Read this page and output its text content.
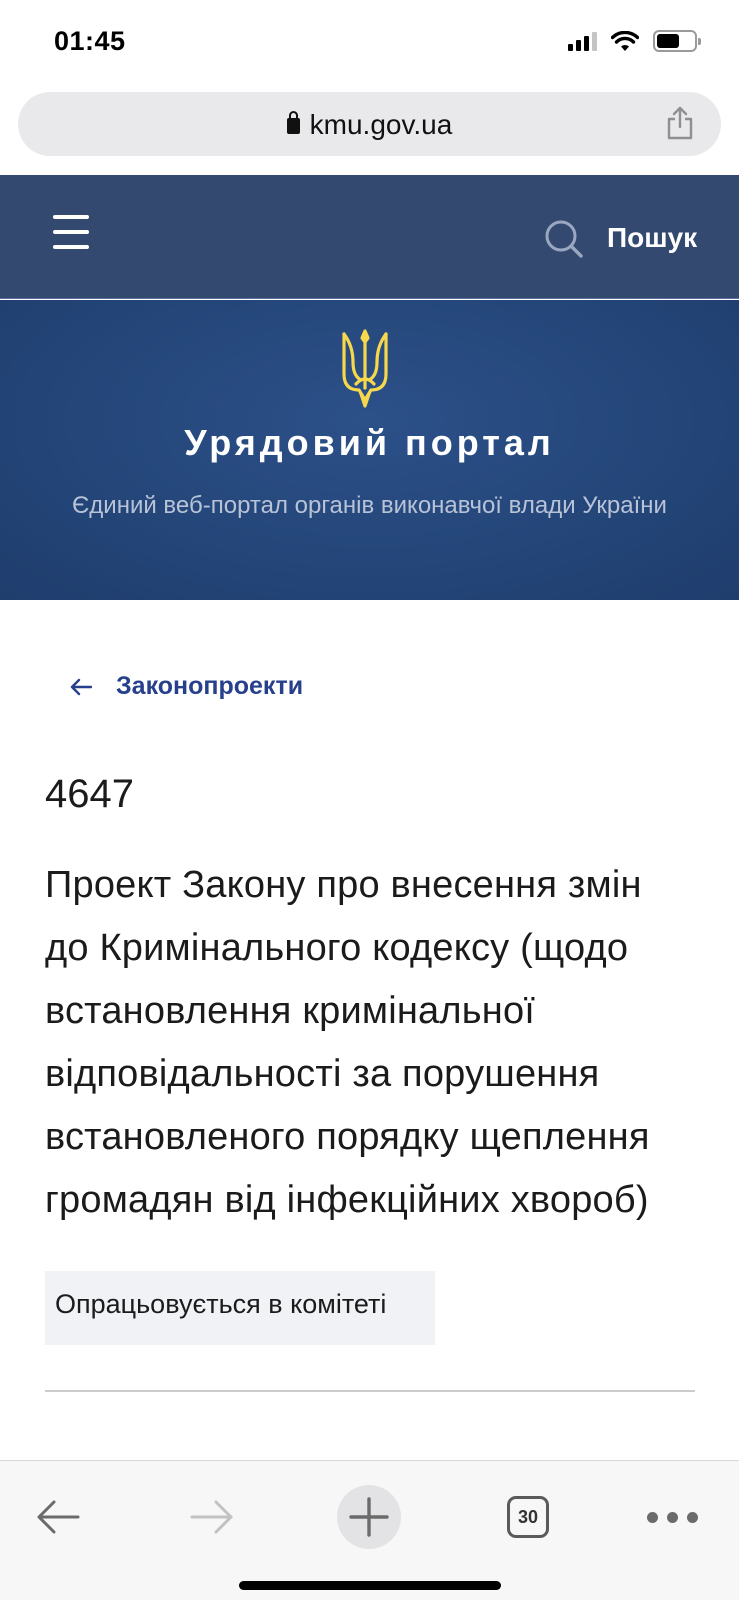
01:45
kmu.gov.ua
Пошук
Урядовий портал
Єдиний веб-портал органів виконавчої влади України
Законопроекти
4647
Проект Закону про внесення змін до Кримінального кодексу (щодо встановлення кримінальної відповідальності за порушення встановленого порядку щеплення громадян від інфекційних хвороб)
Опрацьовується в комітеті
30
